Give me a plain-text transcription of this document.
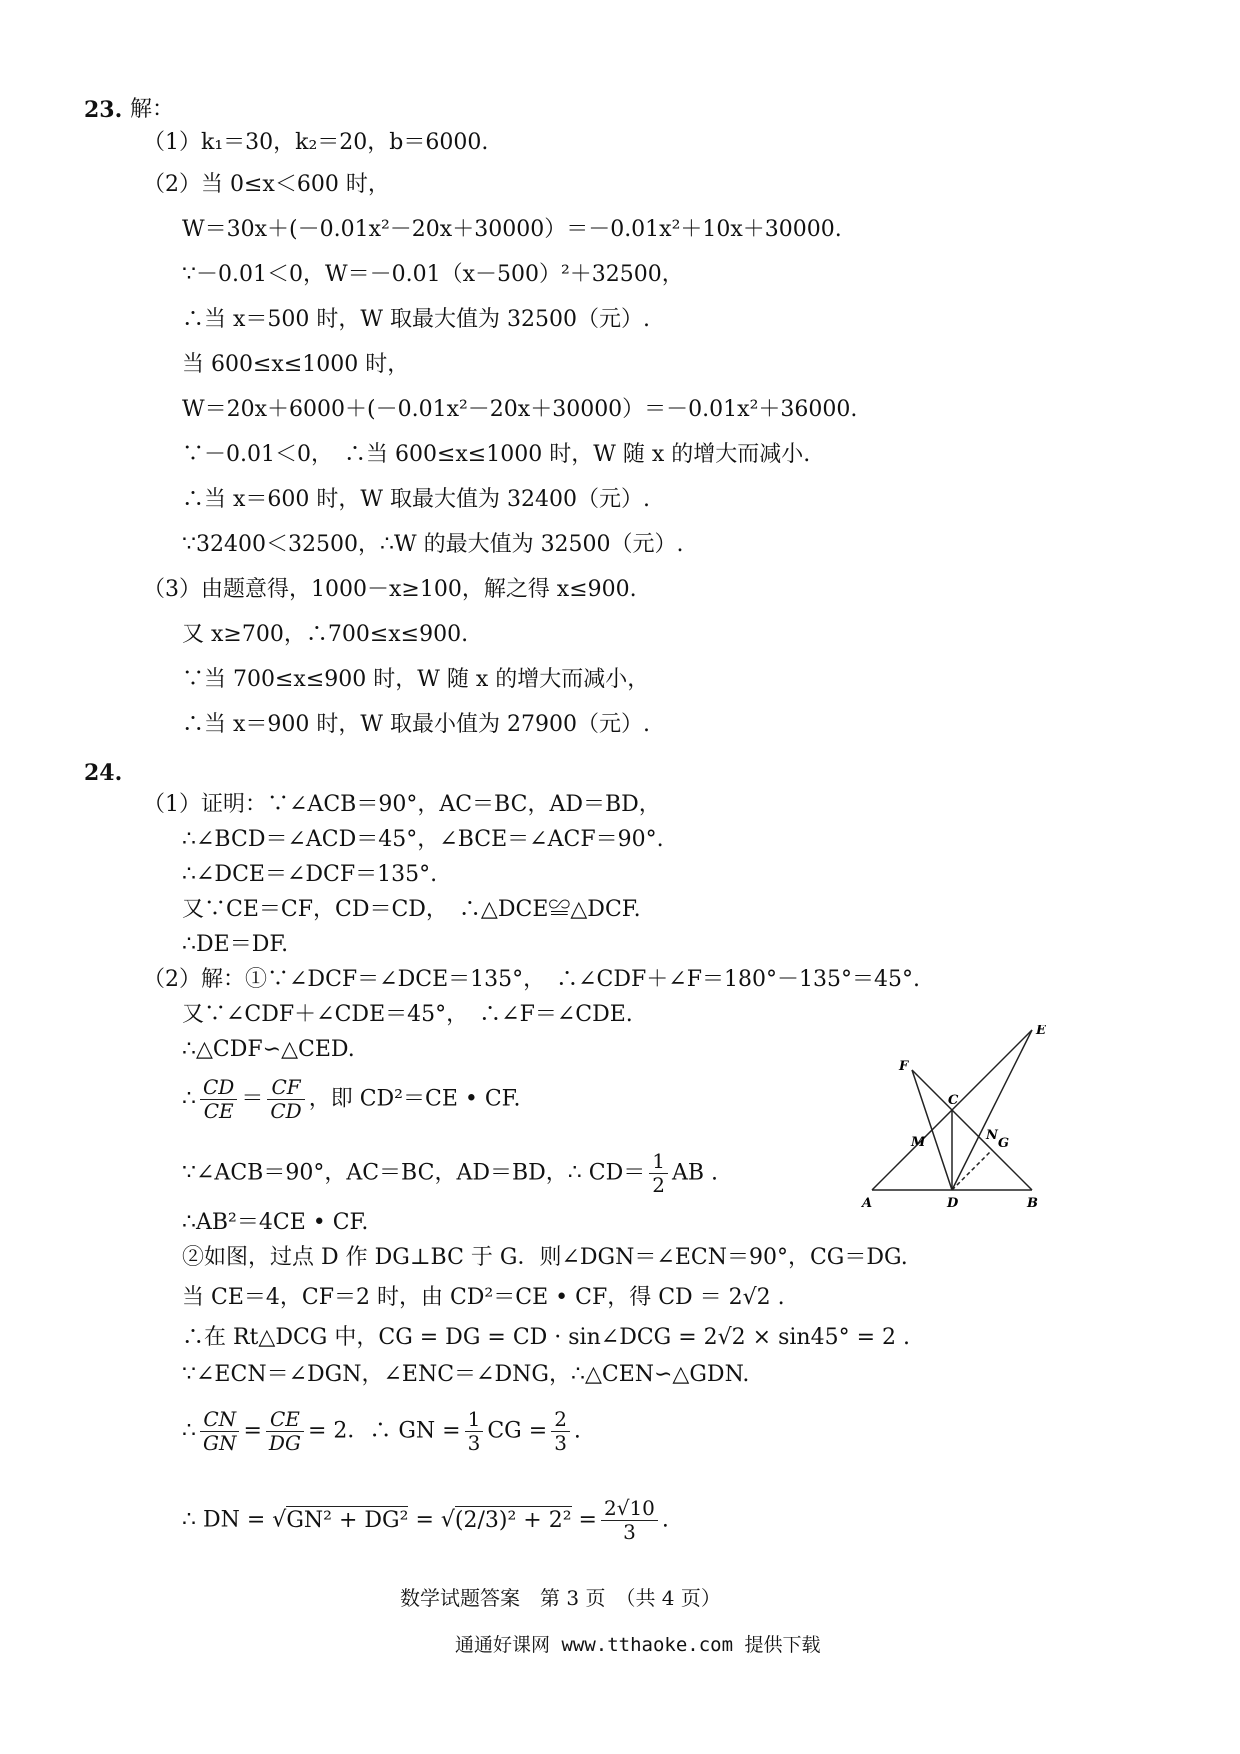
23. 解：
（1）k₁＝30，k₂＝20，b＝6000.
（2）当 0≤x＜600 时，
W＝30x＋(－0.01x²－20x＋30000）＝－0.01x²＋10x＋30000.
∵－0.01＜0，W＝－0.01（x－500）²＋32500，
∴当 x＝500 时，W 取最大值为 32500（元）.
当 600≤x≤1000 时，
W＝20x＋6000＋(－0.01x²－20x＋30000）＝－0.01x²＋36000.
∵－0.01＜0，　∴当 600≤x≤1000 时，W 随 x 的增大而减小.
∴当 x＝600 时，W 取最大值为 32400（元）.
∵32400＜32500，∴W 的最大值为 32500（元）.
（3）由题意得，1000－x≥100，解之得 x≤900.
又 x≥700，∴700≤x≤900.
∵当 700≤x≤900 时，W 随 x 的增大而减小，
∴当 x＝900 时，W 取最小值为 27900（元）.
24.
（1）证明：∵∠ACB＝90°，AC＝BC，AD＝BD，
∴∠BCD＝∠ACD＝45°，∠BCE＝∠ACF＝90°.
∴∠DCE＝∠DCF＝135°.
又∵CE＝CF，CD＝CD，　∴△DCE≌△DCF.
∴DE＝DF.
（2）解：①∵∠DCF＝∠DCE＝135°，　∴∠CDF＋∠F＝180°－135°＝45°.
又∵∠CDF＋∠CDE＝45°，　∴∠F＝∠CDE.
∴△CDF∽△CED.
∴ $\frac{CD}{CE} = \frac{CF}{CD}$ ，即 CD²＝CE • CF.
∵∠ACB＝90°，AC＝BC，AD＝BD，∴ $CD= \frac{1}{2}$ AB .
∴AB²＝4CE • CF.
②如图，过点 D 作 DG⊥BC 于 G．则∠DGN＝∠ECN＝90°，CG＝DG.
当 CE＝4，CF＝2 时，由 CD²＝CE • CF，得 CD ＝ 2√2 .
∴在 Rt△DCG 中，CG = DG = CD · sin∠DCG = 2√2 × sin45° = 2 .
∵∠ECN＝∠DGN，∠ENC＝∠DNG，∴△CEN∽△GDN.
∴ $\frac{CN}{GN} = \frac{CE}{DG} = 2$．∴ GN = $\frac{1}{3}$ CG = $\frac{2}{3}$ .
∴ DN = $√GN^2 + DG^2 = √(2/3)^2 + 2^2 = \frac{2√10}{3}$ .
A	D	B
C
E
F
M	N
G
数学试题答案　第 3 页　（共 4 页）
通通好课网 www.tthaoke.com 提供下载
